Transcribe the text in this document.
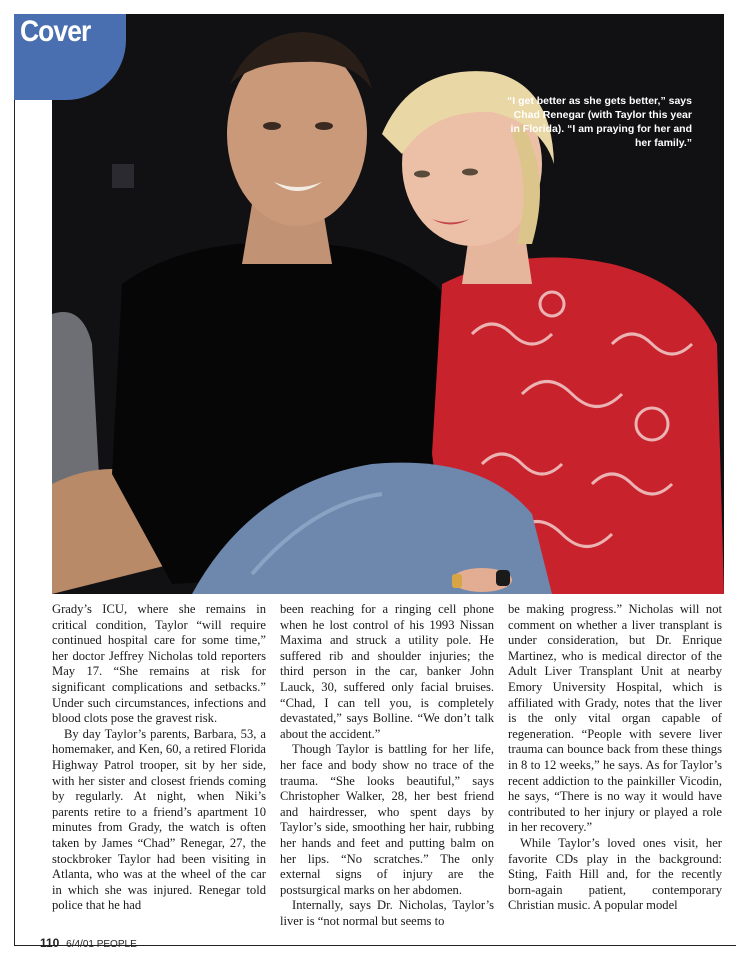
“I get better as she gets better,” says Chad Renegar (with Taylor this year in Florida). “I am praying for her and her family.”
Cover

Grady’s ICU, where she remains in critical condition, Taylor “will require continued hospital care for some time,” her doctor Jeffrey Nicholas told reporters May 17. “She remains at risk for significant complications and setbacks.” Under such circumstances, infections and blood clots pose the gravest risk.

By day Taylor’s parents, Barbara, 53, a homemaker, and Ken, 60, a retired Florida Highway Patrol trooper, sit by her side, with her sister and closest friends coming by regularly. At night, when Niki’s parents retire to a friend’s apartment 10 minutes from Grady, the watch is often taken by James “Chad” Renegar, 27, the stockbroker Taylor had been visiting in Atlanta, who was at the wheel of the car in which she was injured. Renegar told police that he had

been reaching for a ringing cell phone when he lost control of his 1993 Nissan Maxima and struck a utility pole. He suffered rib and shoulder injuries; the third person in the car, banker John Lauck, 30, suffered only facial bruises. “Chad, I can tell you, is completely devastated,” says Bolline. “We don’t talk about the accident.”

Though Taylor is battling for her life, her face and body show no trace of the trauma. “She looks beautiful,” says Christopher Walker, 28, her best friend and hairdresser, who spent days by Taylor’s side, smoothing her hair, rubbing her hands and feet and putting balm on her lips. “No scratches.” The only external signs of injury are the postsurgical marks on her abdomen.

Internally, says Dr. Nicholas, Taylor’s liver is “not normal but seems to

be making progress.” Nicholas will not comment on whether a liver transplant is under consideration, but Dr. Enrique Martinez, who is medical director of the Adult Liver Transplant Unit at nearby Emory University Hospital, which is affiliated with Grady, notes that the liver is the only vital organ capable of regeneration. “People with severe liver trauma can bounce back from these things in 8 to 12 weeks,” he says. As for Taylor’s recent addiction to the painkiller Vicodin, he says, “There is no way it would have contributed to her injury or played a role in her recovery.”

While Taylor’s loved ones visit, her favorite CDs play in the background: Sting, Faith Hill and, for the recently born-again patient, contemporary Christian music. A popular model

110 6/4/01 PEOPLE
